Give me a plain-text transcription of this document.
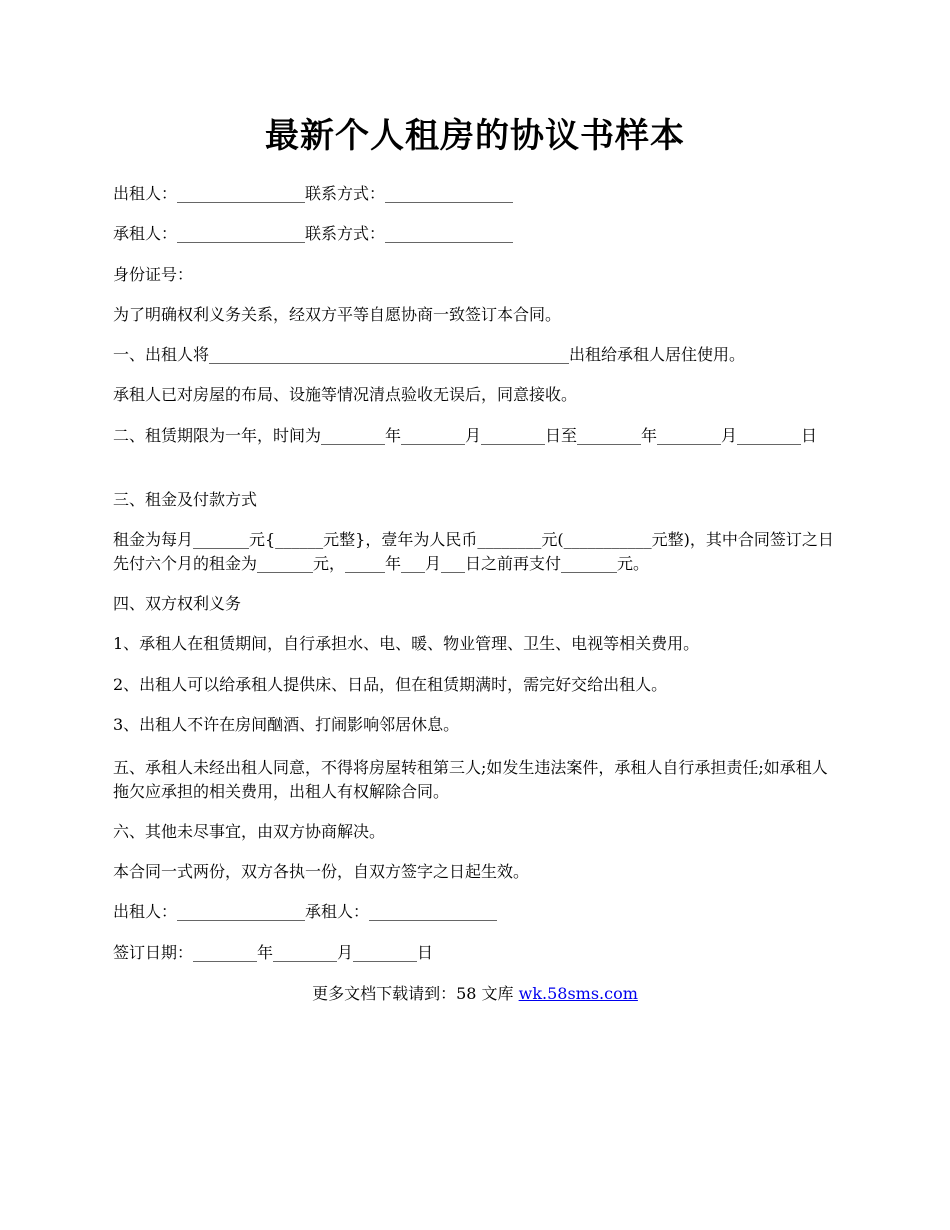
最新个人租房的协议书样本
出租人：________________联系方式：________________
承租人：________________联系方式：________________
身份证号：
为了明确权利义务关系，经双方平等自愿协商一致签订本合同。
一、出租人将_____________________________________________出租给承租人居住使用。
承租人已对房屋的布局、设施等情况清点验收无误后，同意接收。
二、租赁期限为一年，时间为________年________月________日至________年________月________日
三、租金及付款方式
租金为每月_______元{______元整}，壹年为人民币________元(___________元整)，其中合同签订之日先付六个月的租金为_______元，_____年___月___日之前再支付_______元。
四、双方权利义务
1、承租人在租赁期间，自行承担水、电、暖、物业管理、卫生、电视等相关费用。
2、出租人可以给承租人提供床、日品，但在租赁期满时，需完好交给出租人。
3、出租人不许在房间酗酒、打闹影响邻居休息。
五、承租人未经出租人同意，不得将房屋转租第三人;如发生违法案件，承租人自行承担责任;如承租人拖欠应承担的相关费用，出租人有权解除合同。
六、其他未尽事宜，由双方协商解决。
本合同一式两份，双方各执一份，自双方签字之日起生效。
出租人：________________承租人：________________
签订日期：________年________月________日
更多文档下载请到：58 文库 wk.58sms.com
